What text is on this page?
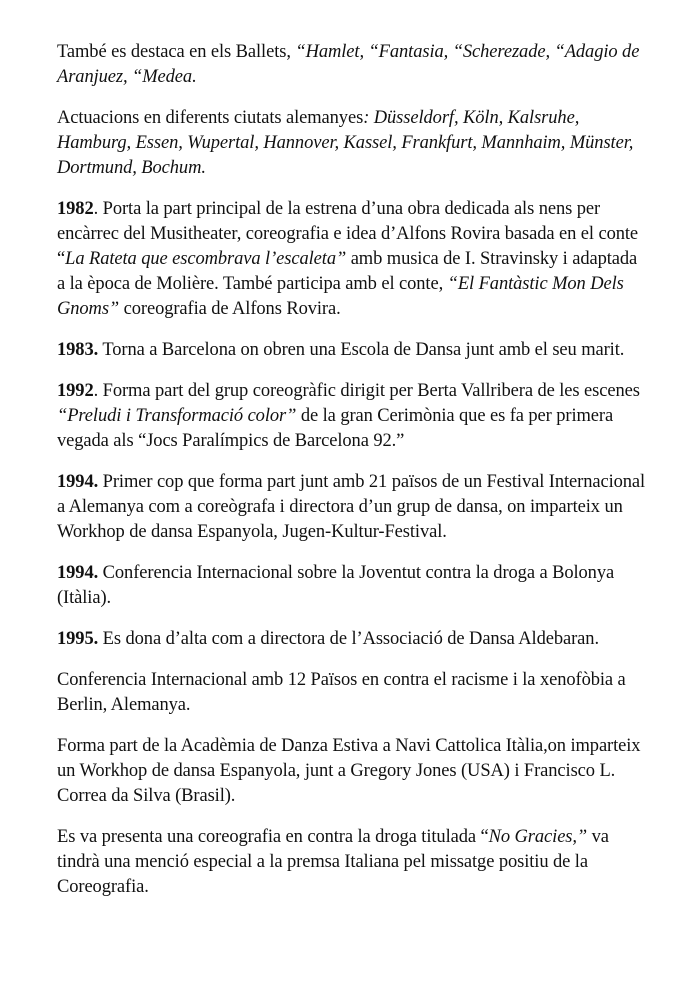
També es destaca en els Ballets, “Hamlet, “Fantasia, “Scherezade, “Adagio de Aranjuez, “Medea.

Actuacions en diferents ciutats alemanyes: Düsseldorf, Köln, Kalsruhe, Hamburg, Essen, Wupertal, Hannover, Kassel, Frankfurt, Mannhaim, Münster, Dortmund, Bochum.

1982. Porta la part principal de la estrena d’una obra dedicada als nens per encàrrec del Musitheater, coreografia e idea d’Alfons Rovira basada en el conte “La Rateta que escombrava l’escaleta” amb musica de I. Stravinsky i adaptada a la època de Molière. També participa amb el conte, “El Fantàstic Mon Dels Gnoms” coreografia de Alfons Rovira.

1983. Torna a Barcelona on obren una Escola de Dansa junt amb el seu marit.

1992. Forma part del grup coreogràfic dirigit per Berta Vallribera de les escenes “Preludi i Transformació color” de la gran Cerimònia que es fa per primera vegada als “Jocs Paralímpics de Barcelona 92.”

1994. Primer cop que forma part junt amb 21 països de un Festival Internacional a Alemanya com a coreògrafa i directora d’un grup de dansa, on imparteix un Workhop de dansa Espanyola, Jugen-Kultur-Festival.

1994. Conferencia Internacional sobre la Joventut contra la droga a Bolonya (Itàlia).

1995. Es dona d’alta com a directora de l’Associació de Dansa Aldebaran.

Conferencia Internacional amb 12 Països en contra el racisme i la xenofòbia a Berlin, Alemanya.

Forma part de la Acadèmia de Danza Estiva a Navi Cattolica Itàlia,on imparteix un Workhop de dansa Espanyola, junt a Gregory Jones (USA) i Francisco L. Correa da Silva (Brasil).

Es va presenta una coreografia en contra la droga titulada “No Gracies,” va tindrà una menció especial a la premsa Italiana pel missatge positiu de la Coreografia.
